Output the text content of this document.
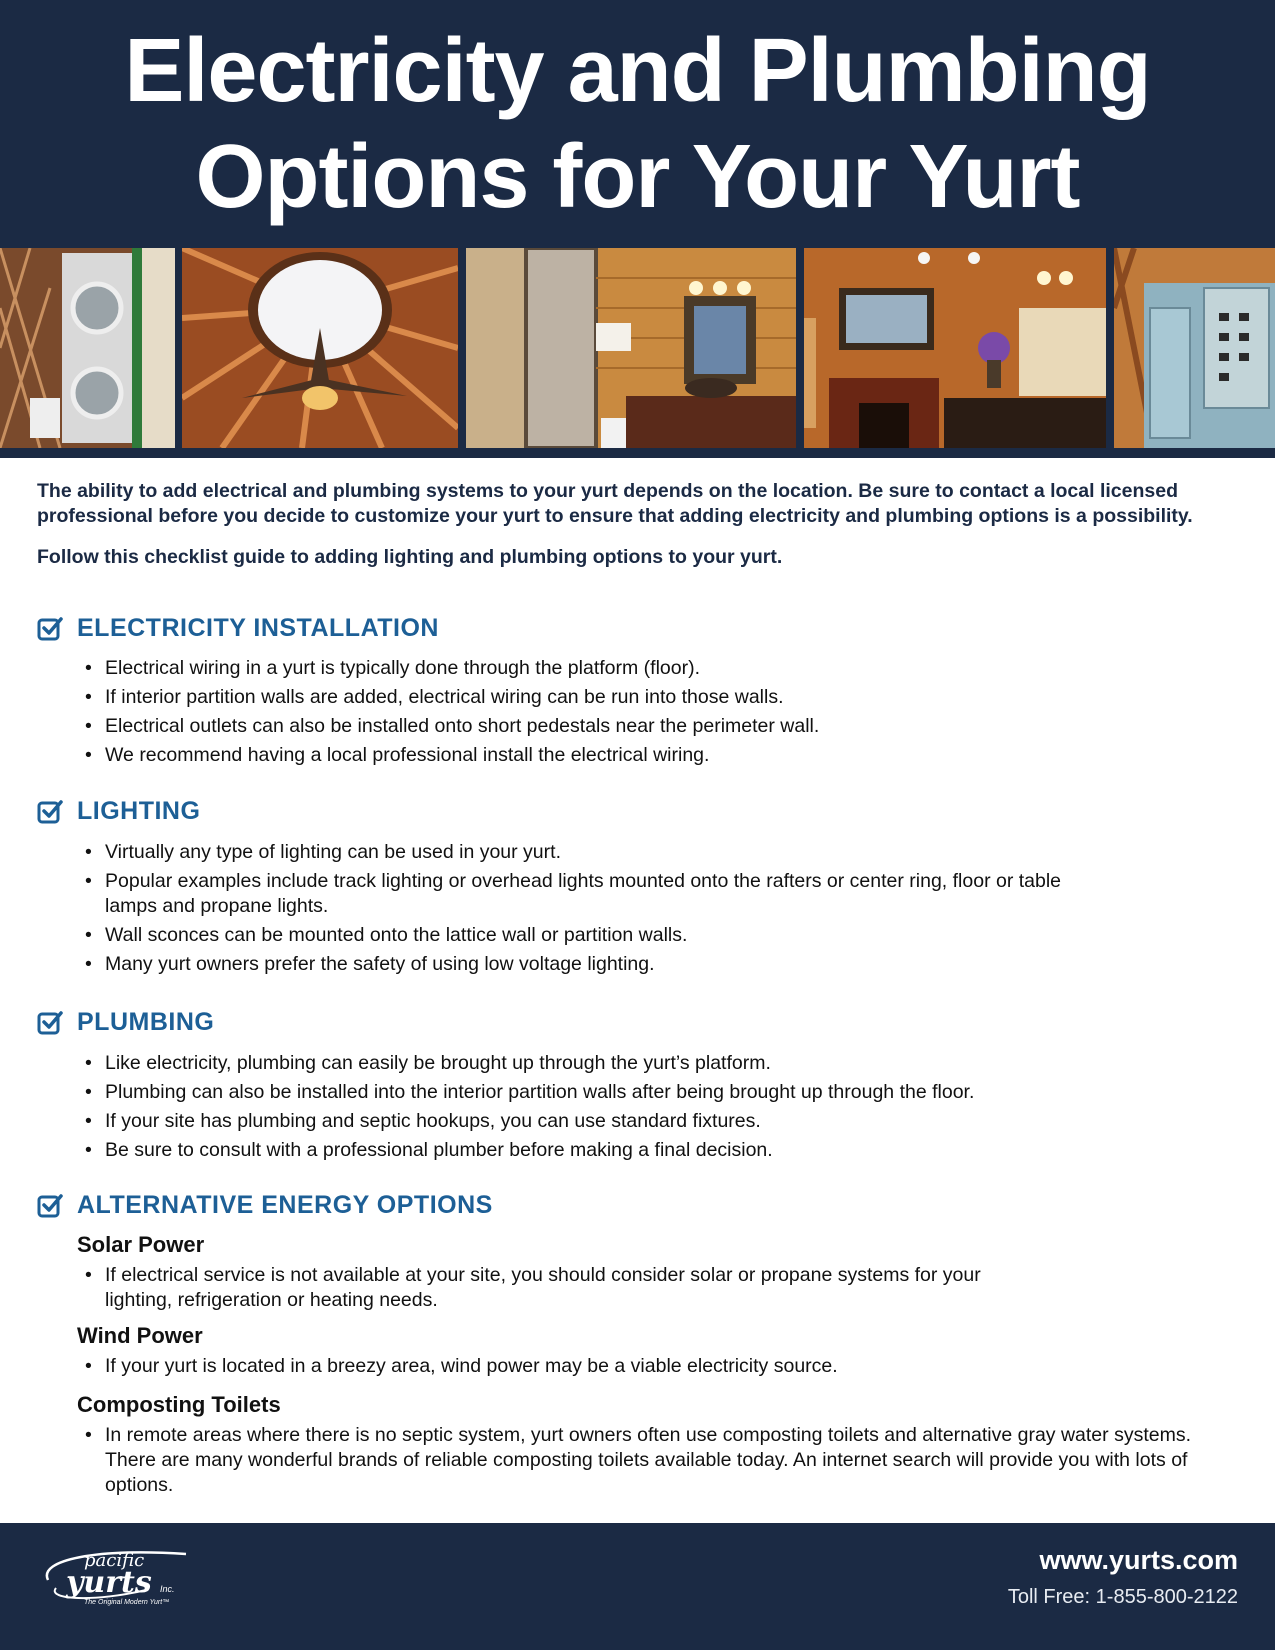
Electricity and Plumbing
Options for Your Yurt

The ability to add electrical and plumbing systems to your yurt depends on the location. Be sure to contact a local licensed professional before you decide to customize your yurt to ensure that adding electricity and plumbing options is a possibility.

Follow this checklist guide to adding lighting and plumbing options to your yurt.

ELECTRICITY INSTALLATION
• Electrical wiring in a yurt is typically done through the platform (floor).
• If interior partition walls are added, electrical wiring can be run into those walls.
• Electrical outlets can also be installed onto short pedestals near the perimeter wall.
• We recommend having a local professional install the electrical wiring.
LIGHTING
• Virtually any type of lighting can be used in your yurt.
• Popular examples include track lighting or overhead lights mounted onto the rafters or center ring, floor or table lamps and propane lights.
• Wall sconces can be mounted onto the lattice wall or partition walls.
• Many yurt owners prefer the safety of using low voltage lighting.
PLUMBING
• Like electricity, plumbing can easily be brought up through the yurt’s platform.
• Plumbing can also be installed into the interior partition walls after being brought up through the floor.
• If your site has plumbing and septic hookups, you can use standard fixtures.
• Be sure to consult with a professional plumber before making a final decision.
ALTERNATIVE ENERGY OPTIONS
Solar Power
• If electrical service is not available at your site, you should consider solar or propane systems for your lighting, refrigeration or heating needs.
Wind Power
• If your yurt is located in a breezy area, wind power may be a viable electricity source.
Composting Toilets
• In remote areas where there is no septic system, yurt owners often use composting toilets and alternative gray water systems. There are many wonderful brands of reliable composting toilets available today. An internet search will provide you with lots of options.
pacific
yurts Inc.
The Original Modern Yurt™
www.yurts.com
Toll Free: 1-855-800-2122
